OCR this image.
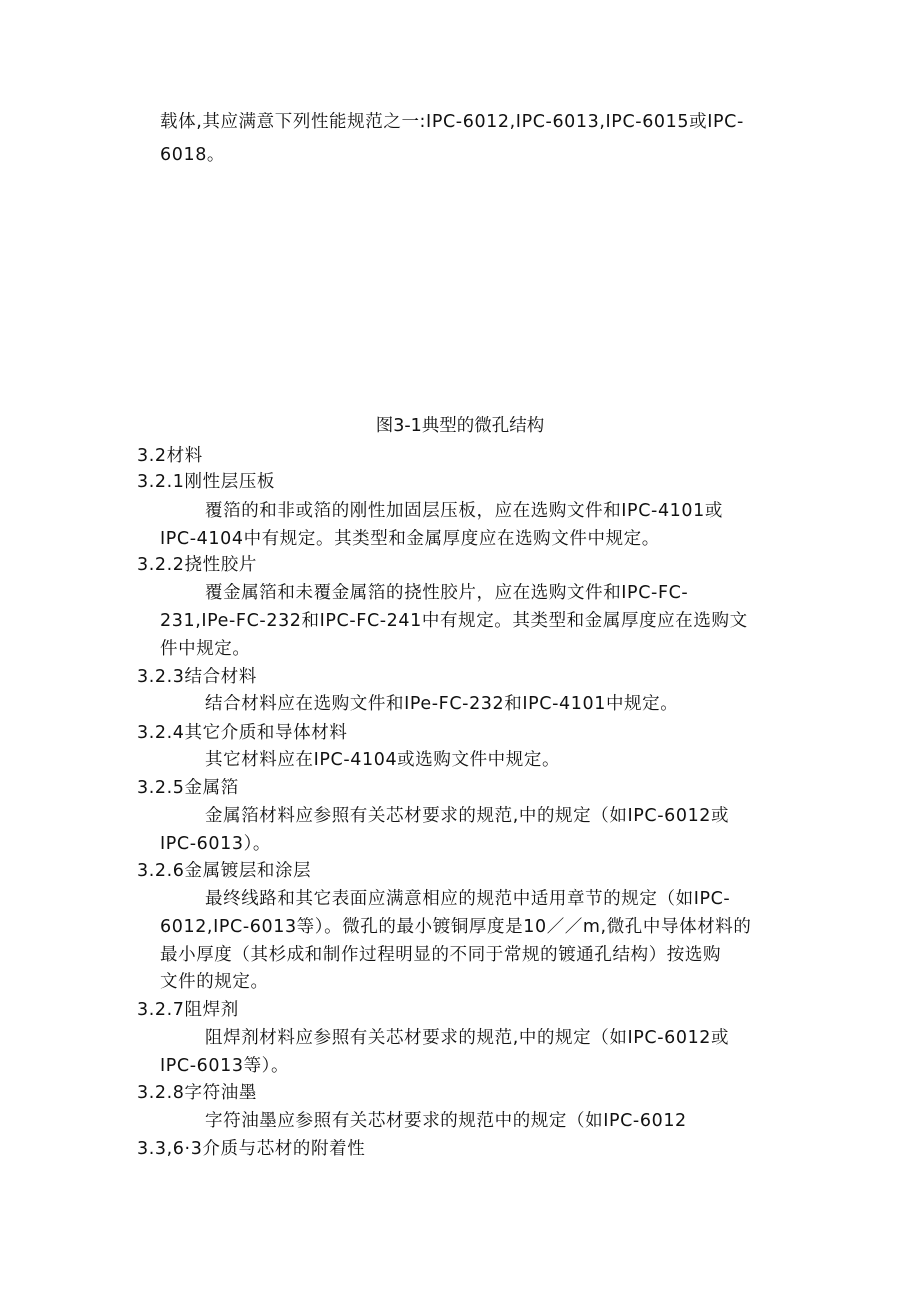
载体,其应满意下列性能规范之一:IPC-6012,IPC-6013,IPC-6015或IPC-
6018。
图3-1典型的微孔结构
3.2材料
3.2.1刚性层压板
覆箔的和非或箔的刚性加固层压板，应在选购文件和IPC-4101或
IPC-4104中有规定。其类型和金属厚度应在选购文件中规定。
3.2.2挠性胶片
覆金属箔和未覆金属箔的挠性胶片，应在选购文件和IPC-FC-
231,IPe-FC-232和IPC-FC-241中有规定。其类型和金属厚度应在选购文
件中规定。
3.2.3结合材料
结合材料应在选购文件和IPe-FC-232和IPC-4101中规定。
3.2.4其它介质和导体材料
其它材料应在IPC-4104或选购文件中规定。
3.2.5金属箔
金属箔材料应参照有关芯材要求的规范,中的规定（如IPC-6012或
IPC-6013）。
3.2.6金属镀层和涂层
最终线路和其它表面应满意相应的规范中适用章节的规定（如IPC-
6012,IPC-6013等）。微孔的最小镀铜厚度是10／／m,微孔中导体材料的
最小厚度（其杉成和制作过程明显的不同于常规的镀通孔结构）按选购
文件的规定。
3.2.7阻焊剂
阻焊剂材料应参照有关芯材要求的规范,中的规定（如IPC-6012或
IPC-6013等）。
3.2.8字符油墨
字符油墨应参照有关芯材要求的规范中的规定（如IPC-6012
3.3,6·3介质与芯材的附着性
